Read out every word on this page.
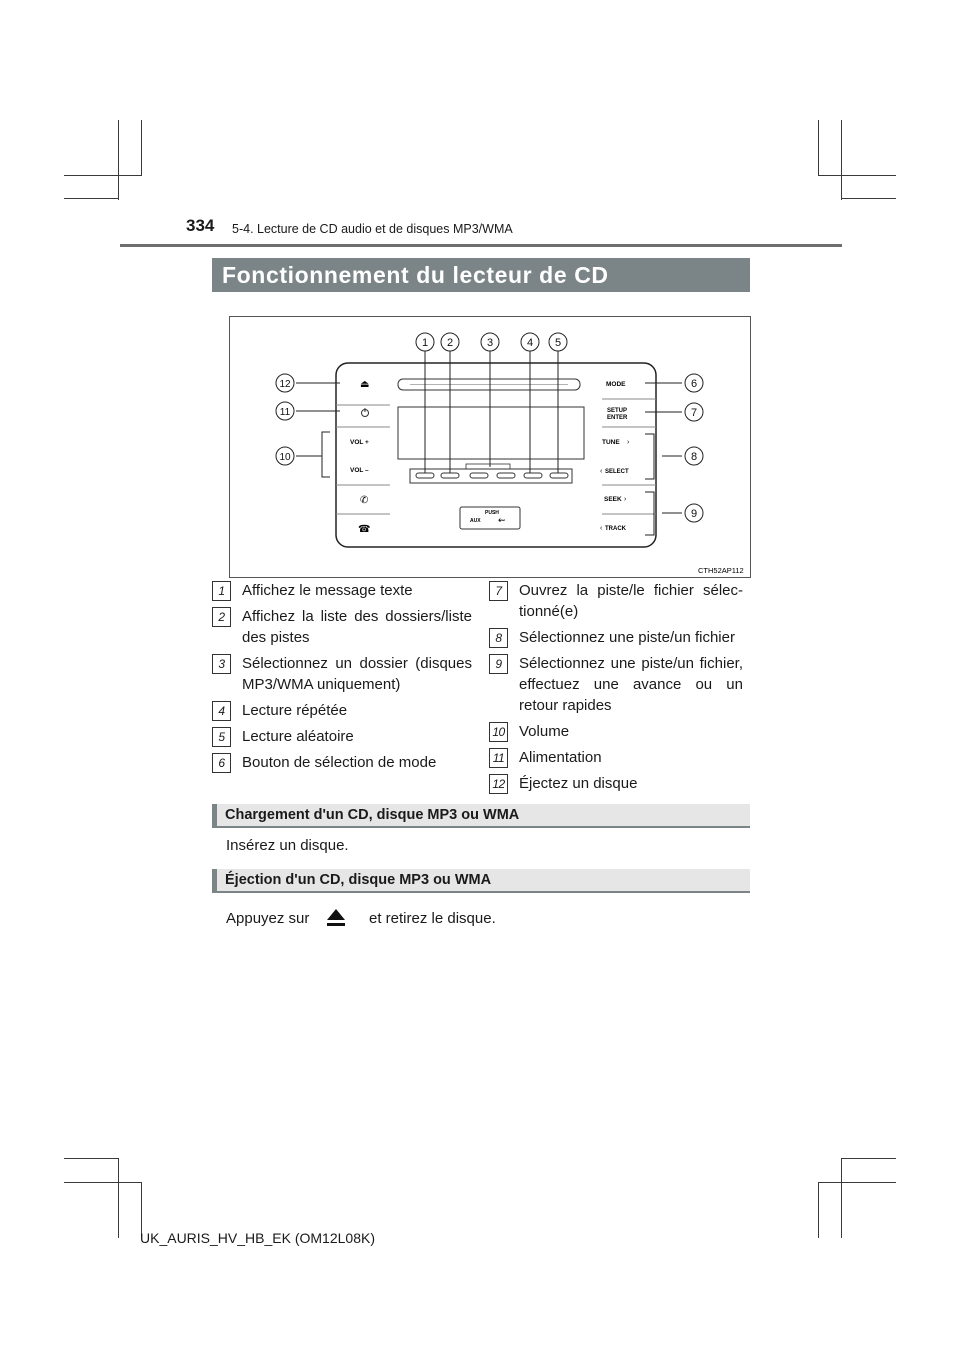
334 5-4. Lecture de CD audio et de disques MP3/WMA
Fonctionnement du lecteur de CD
PUSH
AUX ⇜
⏏
VOL +
VOL –
✆
☎
MODE
SETUP
ENTER
TUNE ›
‹ SELECT
SEEK ›
‹ TRACK
1 2	3	4 5
6
7
8
9
10
11
12
CTH52AP112
1	Affichez le message texte
2	Affichez la liste des dossiers/liste des pistes
3	Sélectionnez un dossier (disques MP3/WMA uniquement)
4	Lecture répétée
5	Lecture aléatoire
6	Bouton de sélection de mode
7	Ouvrez la piste/le fichier sélec-tionné(e)
8	Sélectionnez une piste/un fichier
9	Sélectionnez une piste/un fichier, effectuez une avance ou un retour rapides
10 Volume
11 Alimentation
12 Éjectez un disque
Chargement d'un CD, disque MP3 ou WMA
Insérez un disque.
Éjection d'un CD, disque MP3 ou WMA
Appuyez sur	et retirez le disque.
UK_AURIS_HV_HB_EK (OM12L08K)
